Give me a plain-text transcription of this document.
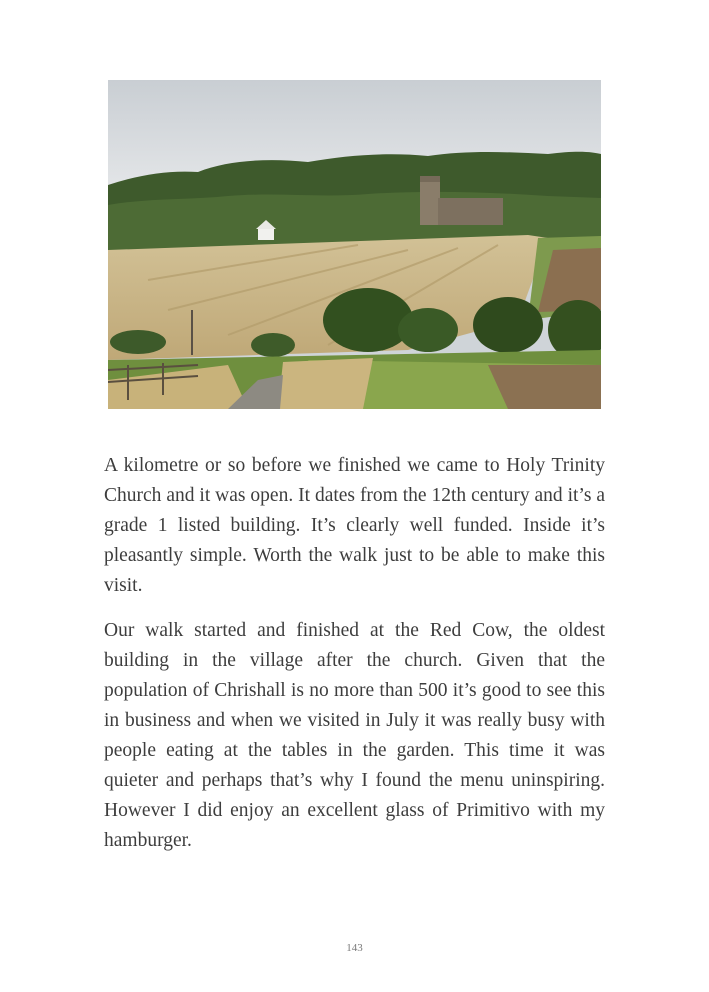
A kilometre or so before we finished we came to Holy Trinity Church and it was open. It dates from the 12th century and it’s a grade 1 listed building. It’s clearly well funded. Inside it’s pleasantly simple. Worth the walk just to be able to make this visit.

Our walk started and finished at the Red Cow, the oldest building in the village after the church. Given that the population of Chrishall is no more than 500 it’s good to see this in business and when we visited in July it was really busy with people eating at the tables in the garden. This time it was quieter and perhaps that’s why I found the menu uninspiring. However I did enjoy an excellent glass of Primitivo with my hamburger.

143
